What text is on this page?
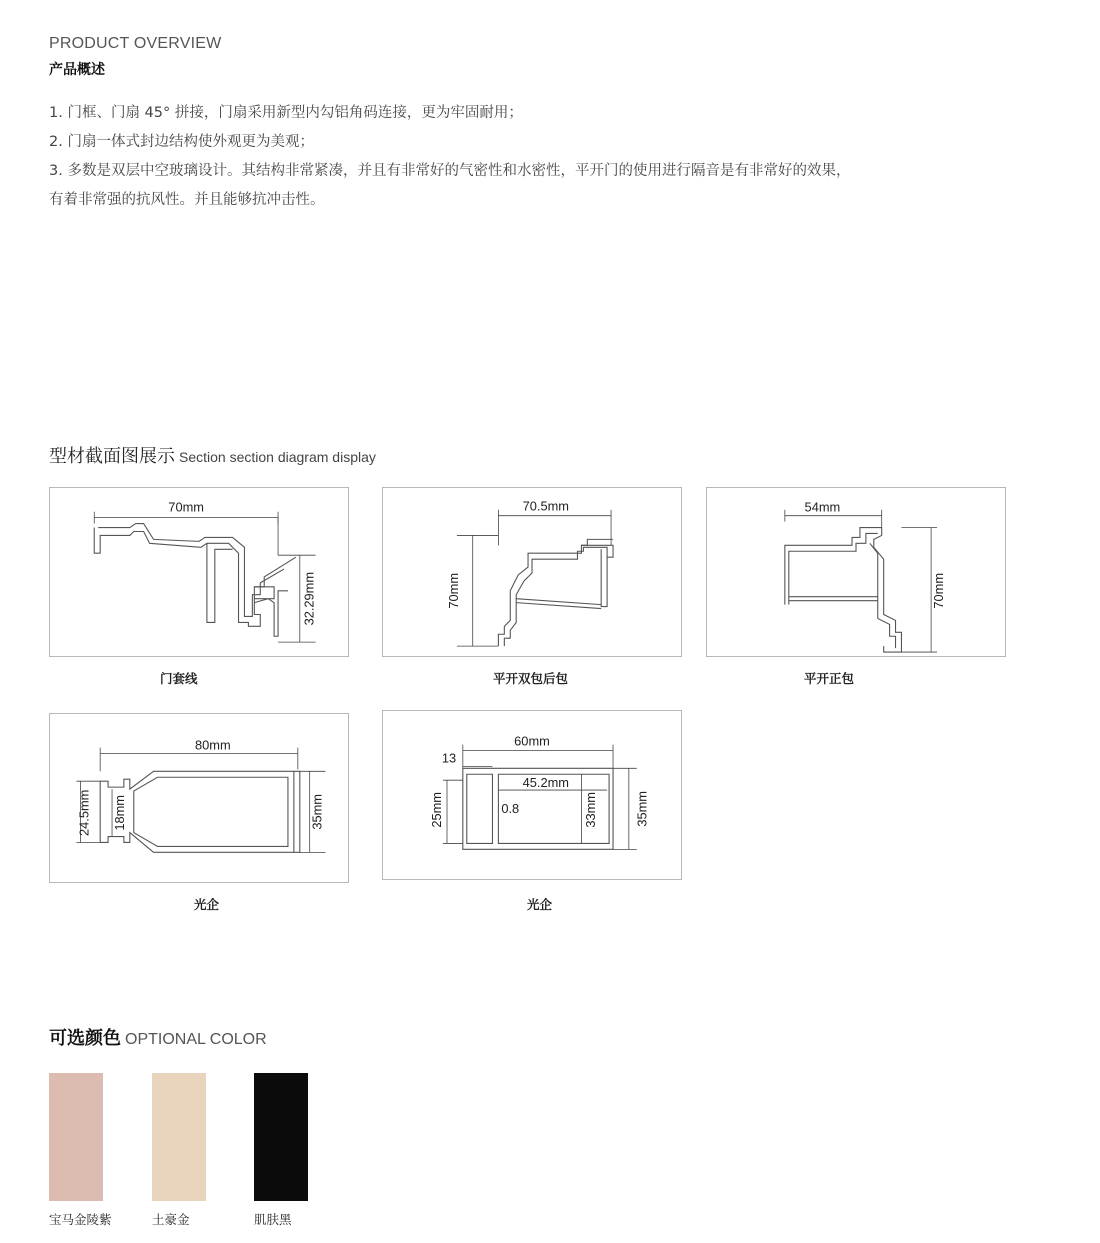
PRODUCT OVERVIEW
产品概述
1. 门框、门扇 45° 拼接，门扇采用新型内勾铝角码连接，更为牢固耐用；
2. 门扇一体式封边结构使外观更为美观；
3. 多数是双层中空玻璃设计。其结构非常紧凑，并且有非常好的气密性和水密性，平开门的使用进行隔音是有非常好的效果，
有着非常强的抗风性。并且能够抗冲击性。
型材截面图展示 Section section diagram display
70mm
32.29mm
门套线
70.5mm
70mm
平开双包后包
54mm
70mm
平开正包
80mm
24.5mm 18mm	35mm
光企
60mm
13
45.2mm
0.8
25mm	33mm	35mm
光企
可选颜色 OPTIONAL COLOR
宝马金陵紫	土豪金	肌肤黑
